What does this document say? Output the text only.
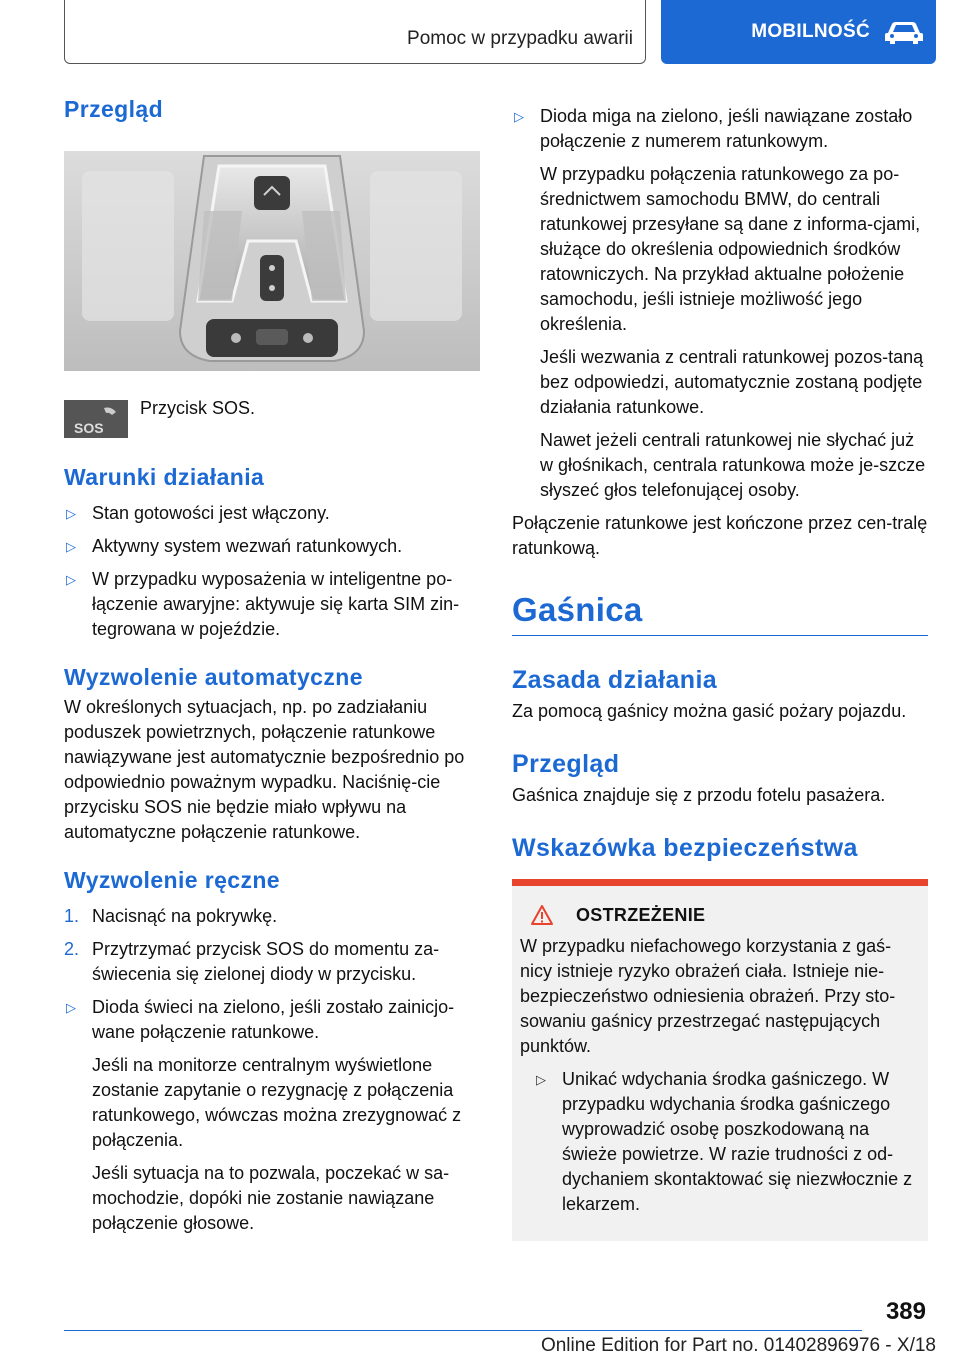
Pomoc w przypadku awarii	MOBILNOŚĆ
Przegląd
SOS
Przycisk SOS.
Warunki działania
▷ Stan gotowości jest włączony.
▷ Aktywny system wezwań ratunkowych.
▷ W przypadku wyposażenia w inteligentne po-łączenie awaryjne: aktywuje się karta SIM zin-tegrowana w pojeździe.
Wyzwolenie automatyczne

W określonych sytuacjach, np. po zadziałaniu poduszek powietrznych, połączenie ratunkowe nawiązywane jest automatycznie bezpośrednio po odpowiednio poważnym wypadku. Naciśnię-cie przycisku SOS nie będzie miało wpływu na automatyczne połączenie ratunkowe.

Wyzwolenie ręczne
1. Nacisnąć na pokrywkę.
2. Przytrzymać przycisk SOS do momentu za-świecenia się zielonej diody w przycisku.
▷ Dioda świeci na zielono, jeśli zostało zainicjo-wane połączenie ratunkowe.
Jeśli na monitorze centralnym wyświetlone zostanie zapytanie o rezygnację z połączenia ratunkowego, wówczas można zrezygnować z połączenia.
Jeśli sytuacja na to pozwala, poczekać w sa-mochodzie, dopóki nie zostanie nawiązane połączenie głosowe.
▷ Dioda miga na zielono, jeśli nawiązane zostało połączenie z numerem ratunkowym.
W przypadku połączenia ratunkowego za po-średnictwem samochodu BMW, do centrali ratunkowej przesyłane są dane z informa-cjami, służące do określenia odpowiednich środków ratowniczych. Na przykład aktualne położenie samochodu, jeśli istnieje możliwość jego określenia.
Jeśli wezwania z centrali ratunkowej pozos-taną bez odpowiedzi, automatycznie zostaną podjęte działania ratunkowe.
Nawet jeżeli centrali ratunkowej nie słychać już w głośnikach, centrala ratunkowa może je-szcze słyszeć głos telefonującej osoby.

Połączenie ratunkowe jest kończone przez cen-tralę ratunkową.

Gaśnica
Zasada działania

Za pomocą gaśnicy można gasić pożary pojazdu.

Przegląd

Gaśnica znajduje się z przodu fotelu pasażera.

Wskazówka bezpieczeństwa
OSTRZEŻENIE

W przypadku niefachowego korzystania z gaś-nicy istnieje ryzyko obrażeń ciała. Istnieje nie-bezpieczeństwo odniesienia obrażeń. Przy sto-sowaniu gaśnicy przestrzegać następujących punktów.

▷ Unikać wdychania środka gaśniczego. W przypadku wdychania środka gaśniczego wyprowadzić osobę poszkodowaną na świeże powietrze. W razie trudności z od-dychaniem skontaktować się niezwłocznie z lekarzem.
389
Online Edition for Part no. 01402896976 - X/18
